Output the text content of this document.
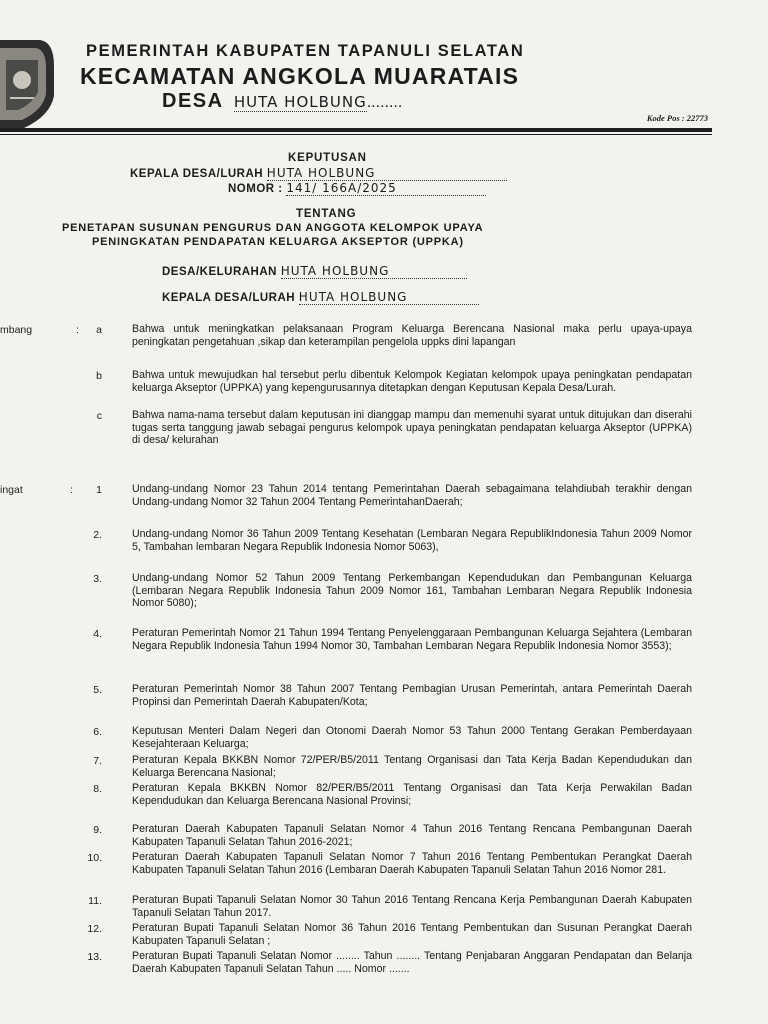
PEMERINTAH KABUPATEN TAPANULI SELATAN
KECAMATAN ANGKOLA MUARATAIS
DESA HUTA HOLBUNG........
Kode Pos : 22773
KEPUTUSAN
KEPALA DESA/LURAH HUTA HOLBUNG
NOMOR : 141/ 166A/2025
TENTANG
PENETAPAN SUSUNAN PENGURUS DAN ANGGOTA KELOMPOK UPAYA
PENINGKATAN PENDAPATAN KELUARGA AKSEPTOR (UPPKA)
DESA/KELURAHAN HUTA HOLBUNG
KEPALA DESA/LURAH HUTA HOLBUNG
mbang	:	a	Bahwa untuk meningkatkan pelaksanaan Program Keluarga Berencana Nasional maka perlu upaya-upaya peningkatan pengetahuan ,sikap dan keterampilan pengelola uppks dini lapangan
b	Bahwa untuk mewujudkan hal tersebut perlu dibentuk Kelompok Kegiatan kelompok upaya peningkatan pendapatan keluarga Akseptor (UPPKA) yang kepengurusannya ditetapkan dengan Keputusan Kepala Desa/Lurah.
c	Bahwa nama-nama tersebut dalam keputusan ini dianggap mampu dan memenuhi syarat untuk ditujukan dan diserahi tugas serta tanggung jawab sebagai pengurus kelompok upaya peningkatan pendapatan keluarga Akseptor (UPPKA) di desa/ kelurahan
ingat	:	1	Undang-undang Nomor 23 Tahun 2014 tentang Pemerintahan Daerah sebagaimana telahdiubah terakhir dengan Undang-undang Nomor 32 Tahun 2004 Tentang PemerintahanDaerah;
2.	Undang-undang Nomor 36 Tahun 2009 Tentang Kesehatan (Lembaran Negara RepublikIndonesia Tahun 2009 Nomor 5, Tambahan lembaran Negara Republik Indonesia Nomor 5063),
3.	Undang-undang Nomor 52 Tahun 2009 Tentang Perkembangan Kependudukan dan Pembangunan Keluarga (Lembaran Negara Republik Indonesia Tahun 2009 Nomor 161, Tambahan Lembaran Negara Republik Indonesia Nomor 5080);
4.	Peraturan Pemerintah Nomor 21 Tahun 1994 Tentang Penyelenggaraan Pembangunan Keluarga Sejahtera (Lembaran Negara Republik Indonesia Tahun 1994 Nomor 30, Tambahan Lembaran Negara Republik Indonesia Nomor 3553);
5.	Peraturan Pemerintah Nomor 38 Tahun 2007 Tentang Pembagian Urusan Pemerintah, antara Pemerintah Daerah Propinsi dan Pemerintah Daerah Kabupaten/Kota;
6.	Keputusan Menteri Dalam Negeri dan Otonomi Daerah Nomor 53 Tahun 2000 Tentang Gerakan Pemberdayaan Kesejahteraan Keluarga;
7.	Peraturan Kepala BKKBN Nomor 72/PER/B5/2011 Tentang Organisasi dan Tata Kerja Badan Kependudukan dan Keluarga Berencana Nasional;
8.	Peraturan Kepala BKKBN Nomor 82/PER/B5/2011 Tentang Organisasi dan Tata Kerja Perwakilan Badan Kependudukan dan Keluarga Berencana Nasional Provinsi;
9.	Peraturan Daerah Kabupaten Tapanuli Selatan Nomor 4 Tahun 2016 Tentang Rencana Pembangunan Daerah Kabupaten Tapanuli Selatan Tahun 2016-2021;
10.	Peraturan Daerah Kabupaten Tapanuli Selatan Nomor 7 Tahun 2016 Tentang Pembentukan Perangkat Daerah Kabupaten Tapanuli Selatan Tahun 2016 (Lembaran Daerah Kabupaten Tapanuli Selatan Tahun 2016 Nomor 281.
11.	Peraturan Bupati Tapanuli Selatan Nomor 30 Tahun 2016 Tentang Rencana Kerja Pembangunan Daerah Kabupaten Tapanuli Selatan Tahun 2017.
12.	Peraturan Bupati Tapanuli Selatan Nomor 36 Tahun 2016 Tentang Pembentukan dan Susunan Perangkat Daerah Kabupaten Tapanuli Selatan ;
13.	Peraturan Bupati Tapanuli Selatan Nomor ........ Tahun ........ Tentang Penjabaran Anggaran Pendapatan dan Belanja Daerah Kabupaten Tapanuli Selatan Tahun ..... Nomor .......
